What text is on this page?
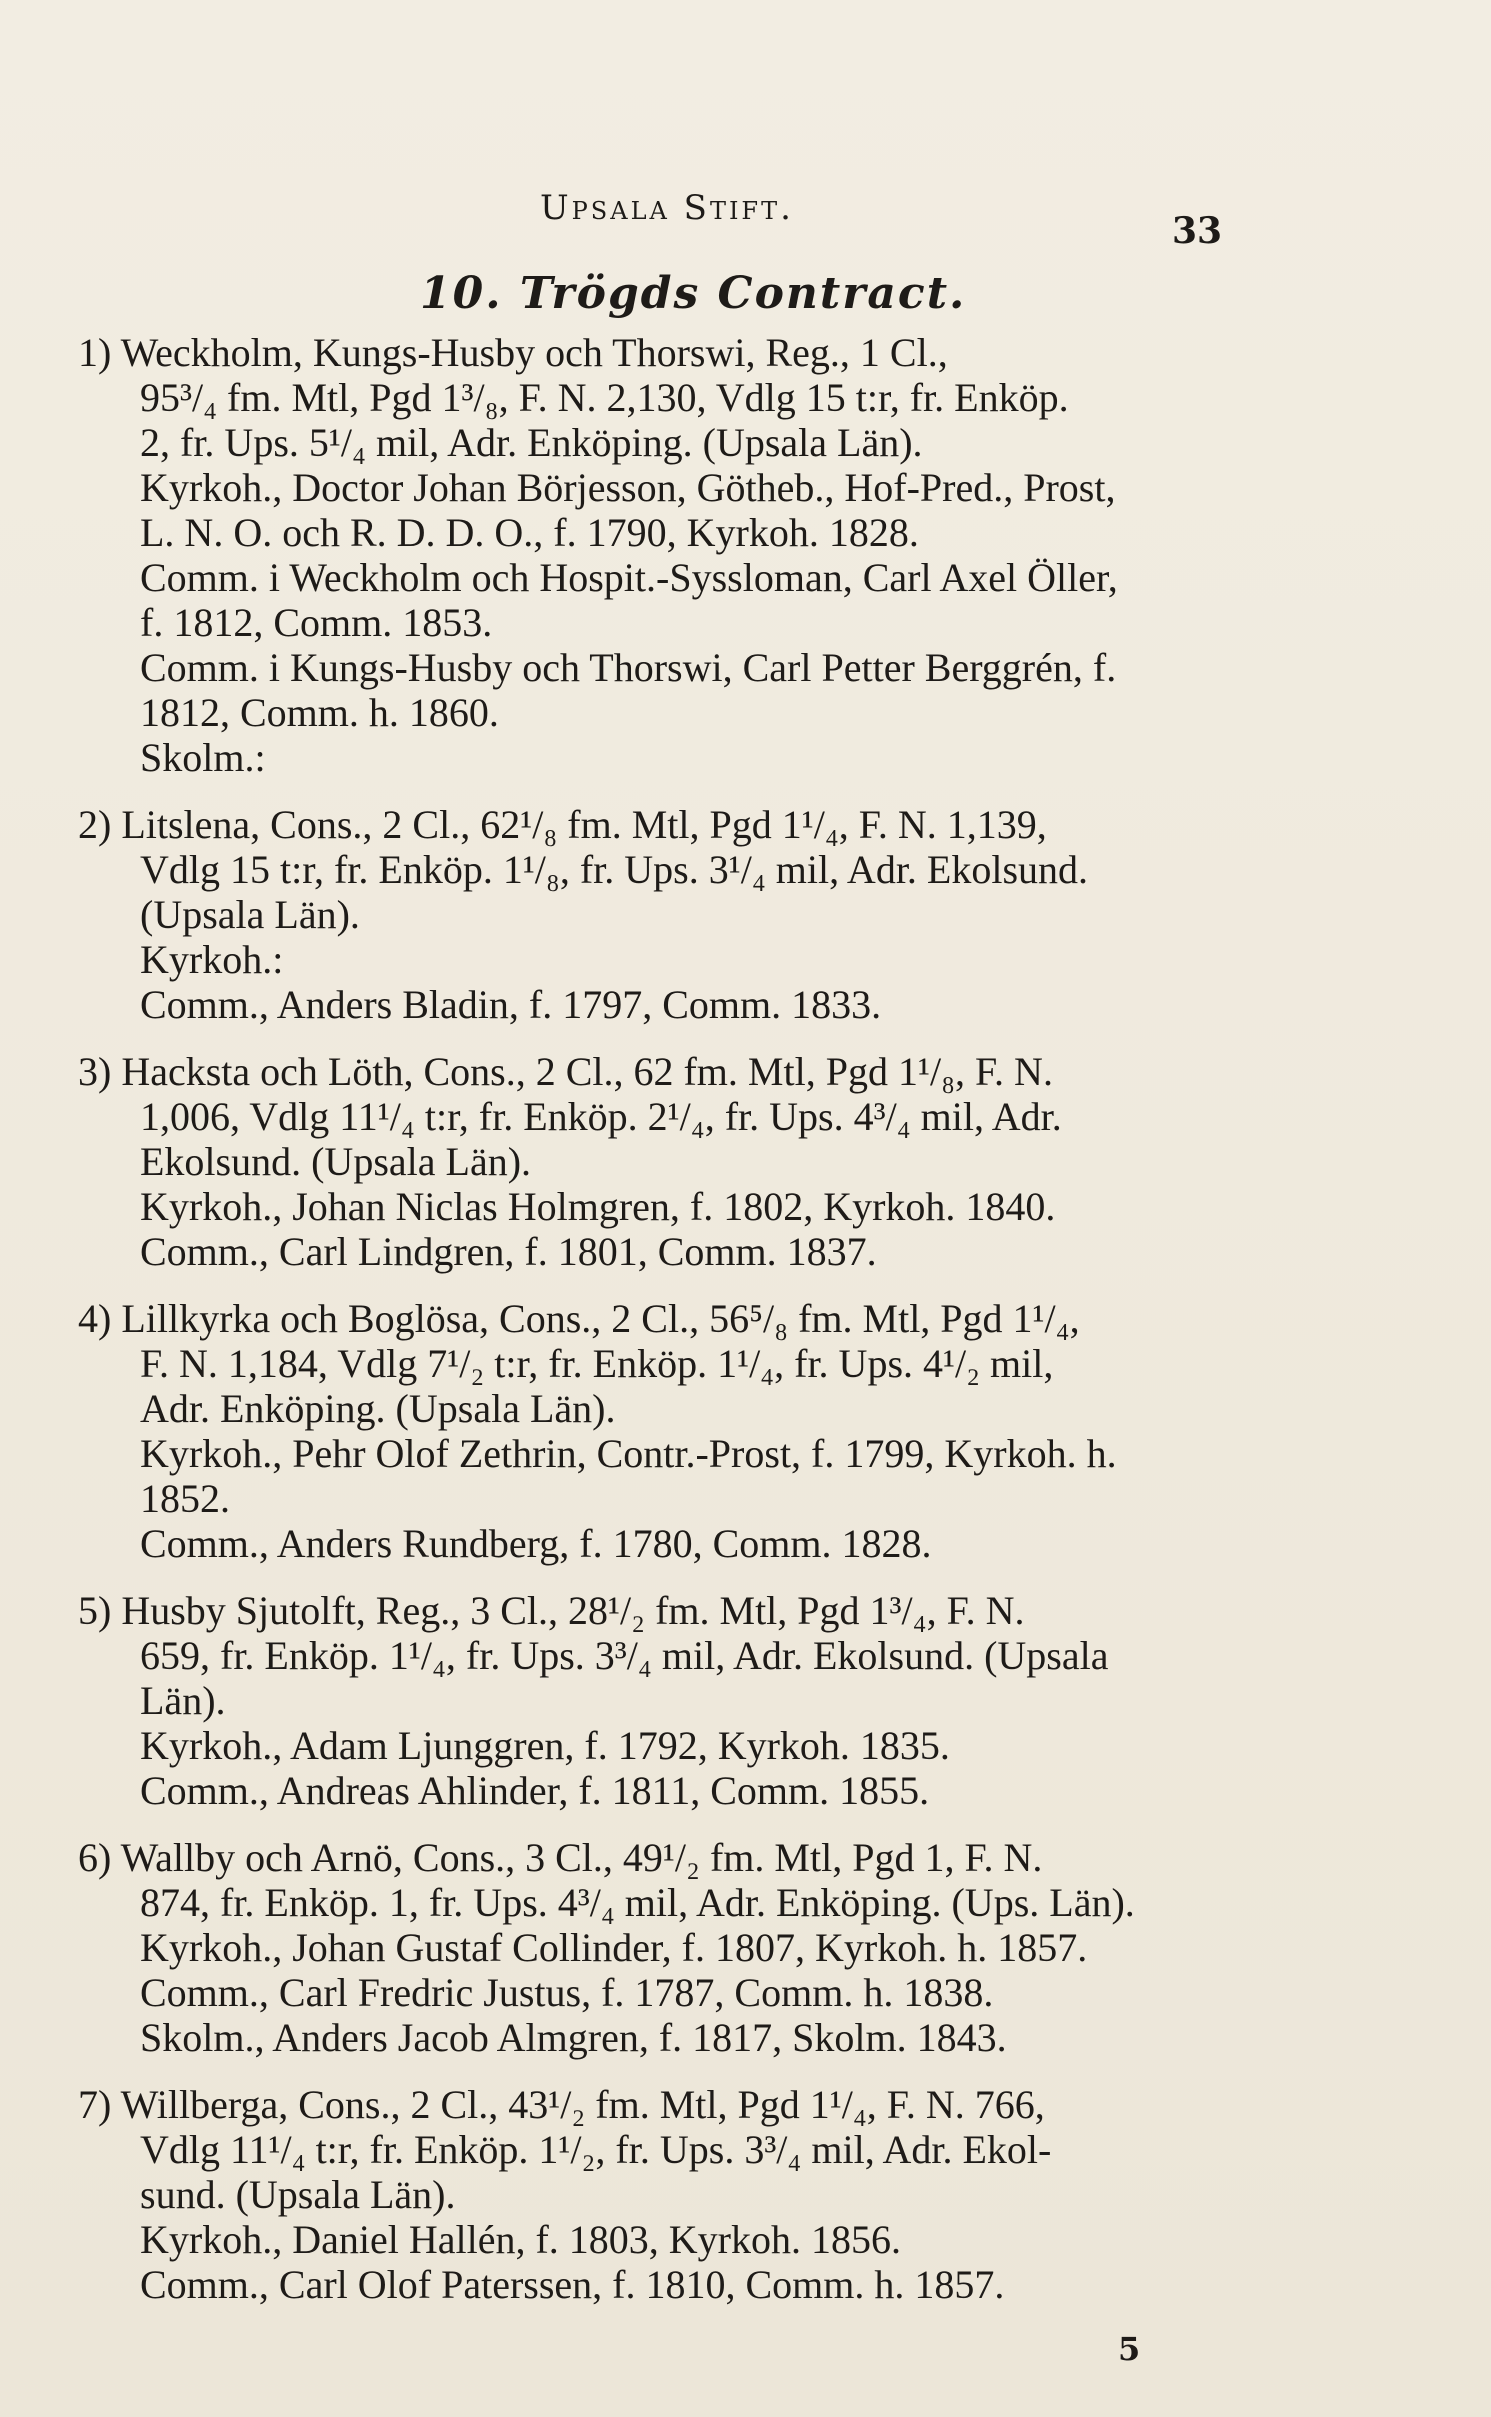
Upsala Stift.
33
10. Trögds Contract.
1) Weckholm, Kungs-Husby och Thorswi, Reg., 1 Cl.,
95³/₄ fm. Mtl, Pgd 1³/₈, F. N. 2,130, Vdlg 15 t:r, fr. Enköp.
2, fr. Ups. 5¹/₄ mil, Adr. Enköping. (Upsala Län).
Kyrkoh., Doctor Johan Börjesson, Götheb., Hof-Pred., Prost,
L. N. O. och R. D. D. O., f. 1790, Kyrkoh. 1828.
Comm. i Weckholm och Hospit.-Syssloman, Carl Axel Öller,
f. 1812, Comm. 1853.
Comm. i Kungs-Husby och Thorswi, Carl Petter Berggrén, f.
1812, Comm. h. 1860.
Skolm.:
2) Litslena, Cons., 2 Cl., 62¹/₈ fm. Mtl, Pgd 1¹/₄, F. N. 1,139,
Vdlg 15 t:r, fr. Enköp. 1¹/₈, fr. Ups. 3¹/₄ mil, Adr. Ekolsund.
(Upsala Län).
Kyrkoh.:
Comm., Anders Bladin, f. 1797, Comm. 1833.
3) Hacksta och Löth, Cons., 2 Cl., 62 fm. Mtl, Pgd 1¹/₈, F. N.
1,006, Vdlg 11¹/₄ t:r, fr. Enköp. 2¹/₄, fr. Ups. 4³/₄ mil, Adr.
Ekolsund. (Upsala Län).
Kyrkoh., Johan Niclas Holmgren, f. 1802, Kyrkoh. 1840.
Comm., Carl Lindgren, f. 1801, Comm. 1837.
4) Lillkyrka och Boglösa, Cons., 2 Cl., 56⁵/₈ fm. Mtl, Pgd 1¹/₄,
F. N. 1,184, Vdlg 7¹/₂ t:r, fr. Enköp. 1¹/₄, fr. Ups. 4¹/₂ mil,
Adr. Enköping. (Upsala Län).
Kyrkoh., Pehr Olof Zethrin, Contr.-Prost, f. 1799, Kyrkoh. h.
1852.
Comm., Anders Rundberg, f. 1780, Comm. 1828.
5) Husby Sjutolft, Reg., 3 Cl., 28¹/₂ fm. Mtl, Pgd 1³/₄, F. N.
659, fr. Enköp. 1¹/₄, fr. Ups. 3³/₄ mil, Adr. Ekolsund. (Upsala
Län).
Kyrkoh., Adam Ljunggren, f. 1792, Kyrkoh. 1835.
Comm., Andreas Ahlinder, f. 1811, Comm. 1855.
6) Wallby och Arnö, Cons., 3 Cl., 49¹/₂ fm. Mtl, Pgd 1, F. N.
874, fr. Enköp. 1, fr. Ups. 4³/₄ mil, Adr. Enköping. (Ups. Län).
Kyrkoh., Johan Gustaf Collinder, f. 1807, Kyrkoh. h. 1857.
Comm., Carl Fredric Justus, f. 1787, Comm. h. 1838.
Skolm., Anders Jacob Almgren, f. 1817, Skolm. 1843.
7) Willberga, Cons., 2 Cl., 43¹/₂ fm. Mtl, Pgd 1¹/₄, F. N. 766,
Vdlg 11¹/₄ t:r, fr. Enköp. 1¹/₂, fr. Ups. 3³/₄ mil, Adr. Ekol-
sund. (Upsala Län).
Kyrkoh., Daniel Hallén, f. 1803, Kyrkoh. 1856.
Comm., Carl Olof Paterssen, f. 1810, Comm. h. 1857.
5
